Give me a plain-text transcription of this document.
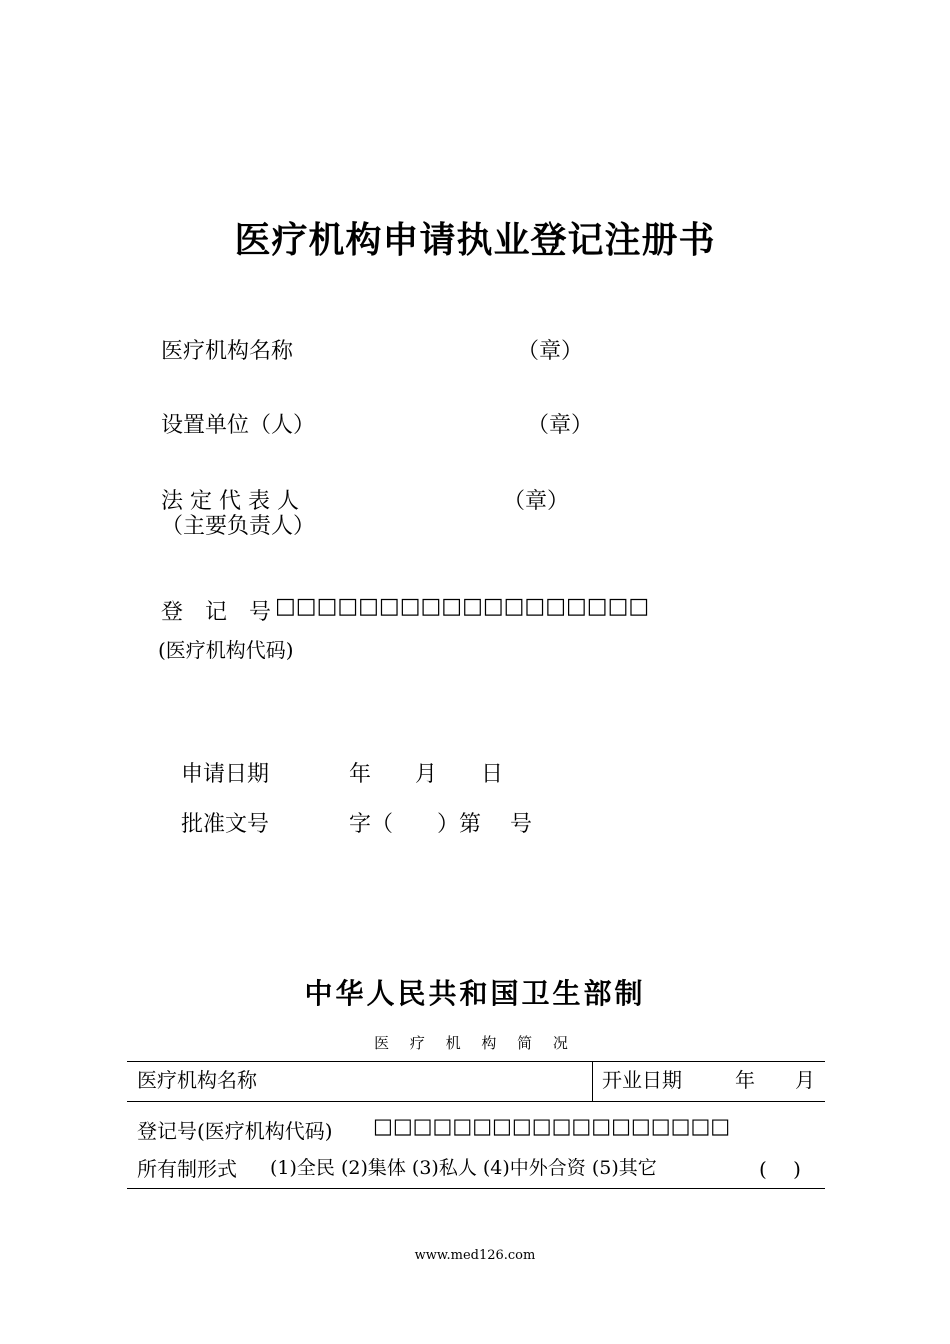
医疗机构申请执业登记注册书
医疗机构名称	（章）
设置单位（人）	（章）
法 定 代 表 人	（章）
（主要负责人）
登　记　号 □□□□□□□□□□□□□□□□□□
(医疗机构代码)
申请日期	年　　月　　日
批准文号	字（　　）第　 号
中华人民共和国卫生部制
医 疗 机 构 简 况
医疗机构名称	开业日期	年　　月
登记号(医疗机构代码) □□□□□□□□□□□□□□□□□□
所有制形式 (1)全民 (2)集体 (3)私人 (4)中外合资 (5)其它	(　 )
www.med126.com
